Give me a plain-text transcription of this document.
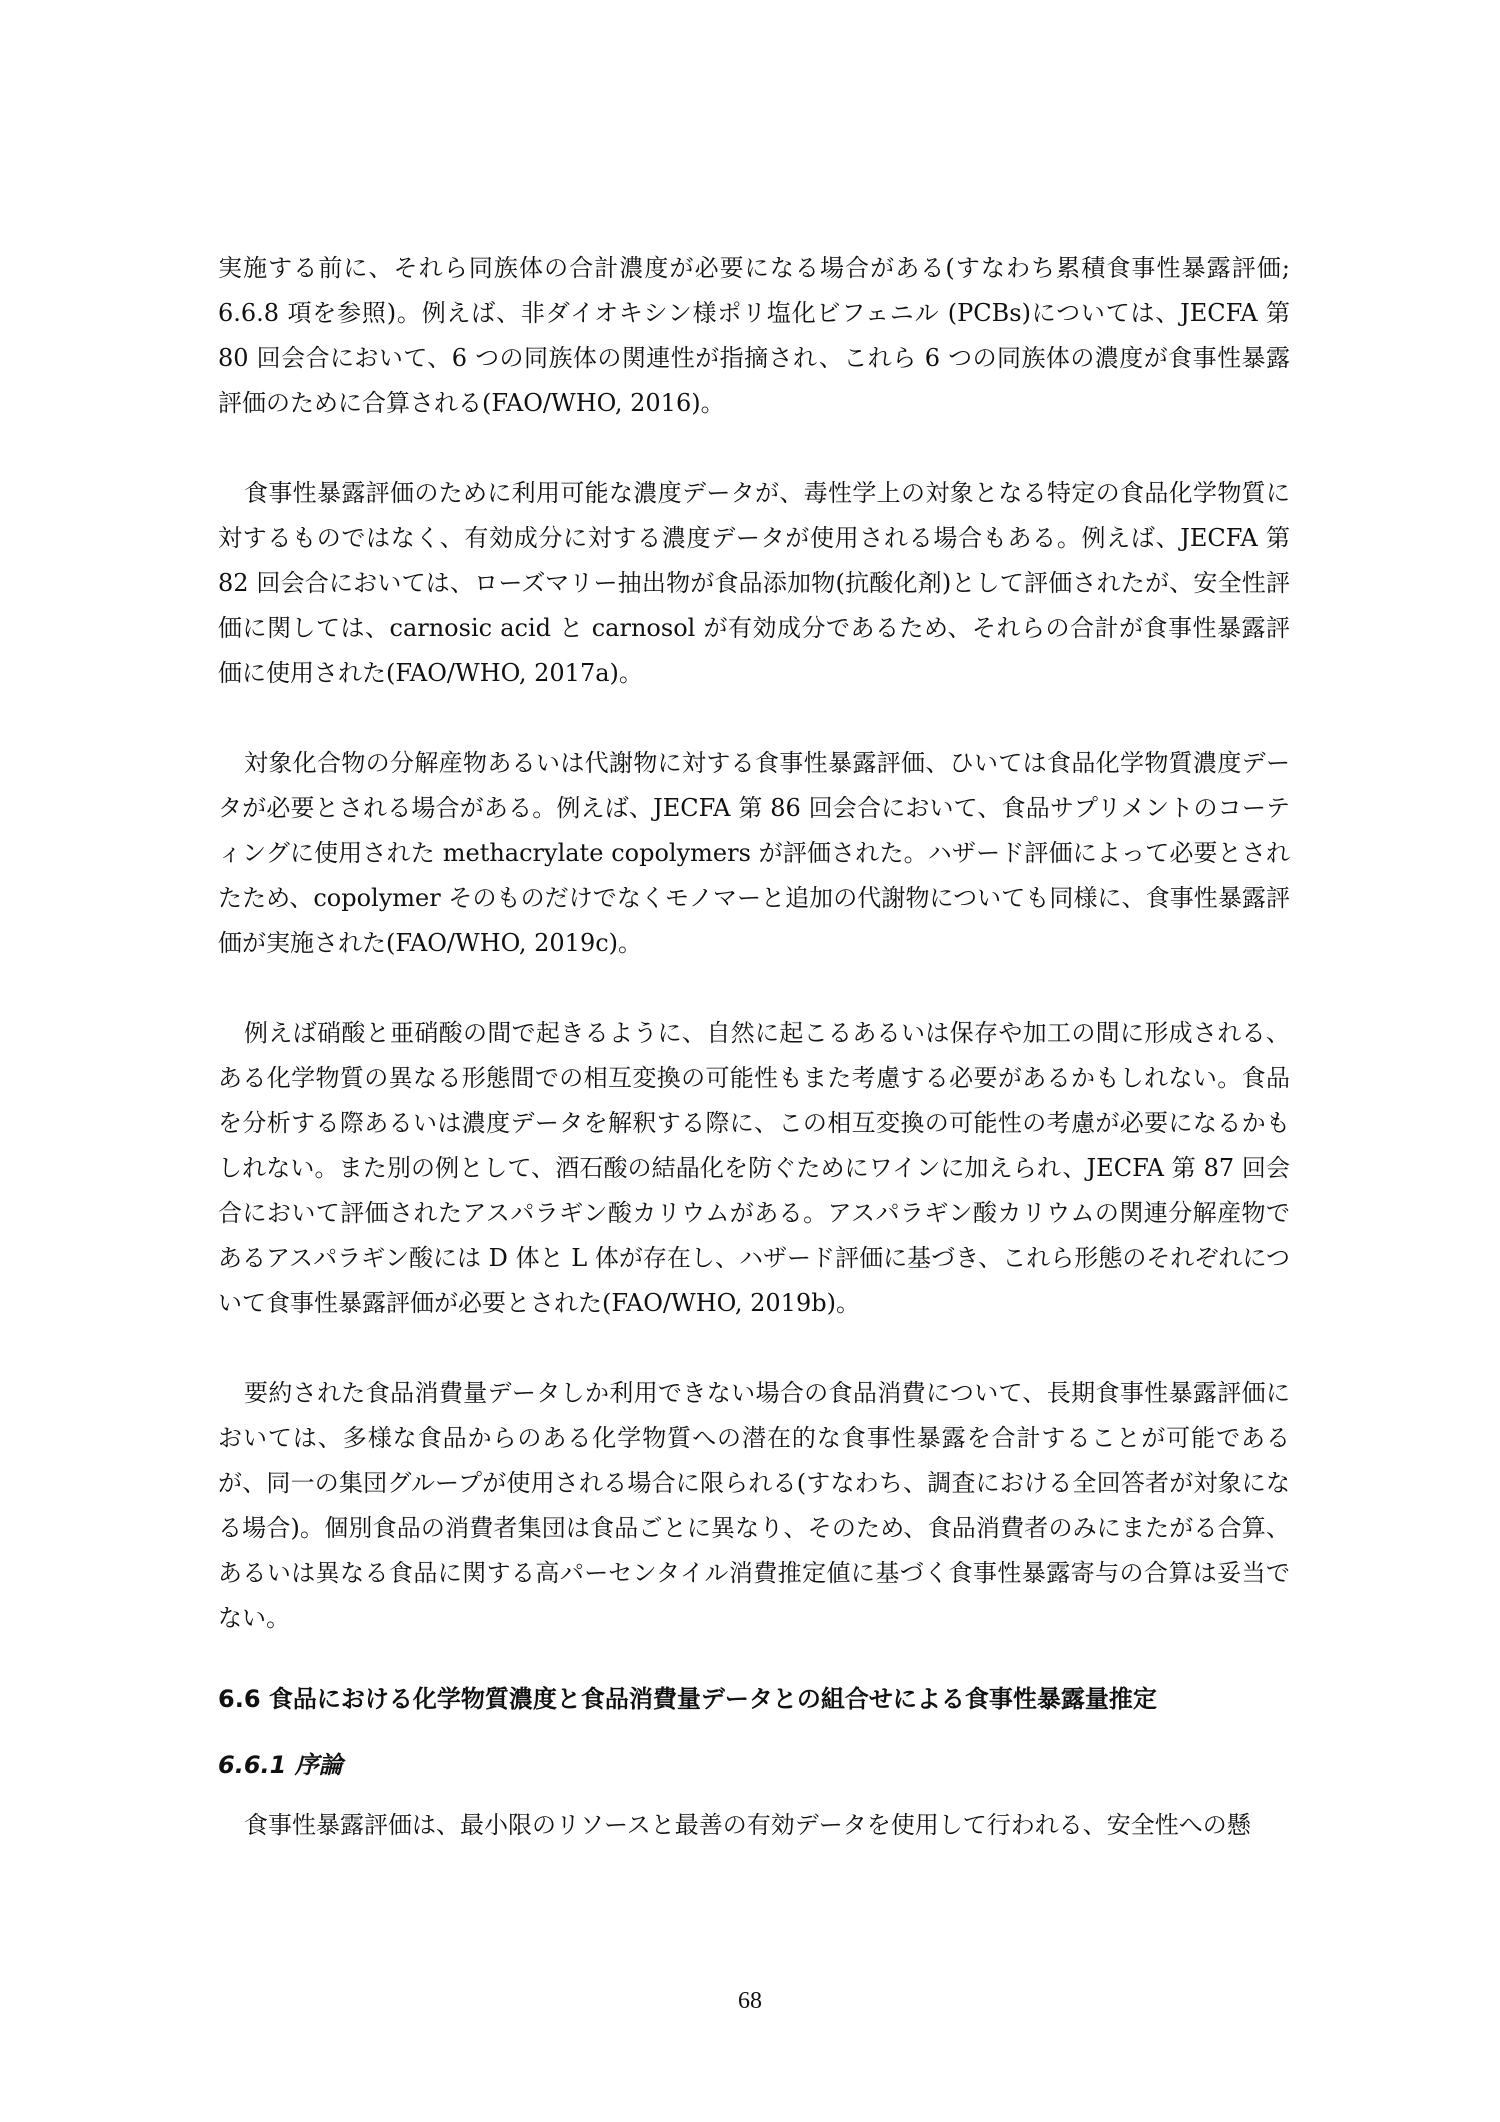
実施する前に、それら同族体の合計濃度が必要になる場合がある(すなわち累積食事性暴露評価; 6.6.8 項を参照)。例えば、非ダイオキシン様ポリ塩化ビフェニル (PCBs)については、JECFA 第 80 回会合において、6 つの同族体の関連性が指摘され、これら 6 つの同族体の濃度が食事性暴露評価のために合算される(FAO/WHO, 2016)。

食事性暴露評価のために利用可能な濃度データが、毒性学上の対象となる特定の食品化学物質に対するものではなく、有効成分に対する濃度データが使用される場合もある。例えば、JECFA 第 82 回会合においては、ローズマリー抽出物が食品添加物(抗酸化剤)として評価されたが、安全性評価に関しては、carnosic acid と carnosol が有効成分であるため、それらの合計が食事性暴露評価に使用された(FAO/WHO, 2017a)。

対象化合物の分解産物あるいは代謝物に対する食事性暴露評価、ひいては食品化学物質濃度データが必要とされる場合がある。例えば、JECFA 第 86 回会合において、食品サプリメントのコーティングに使用された methacrylate copolymers が評価された。ハザード評価によって必要とされたため、copolymer そのものだけでなくモノマーと追加の代謝物についても同様に、食事性暴露評価が実施された(FAO/WHO, 2019c)。

例えば硝酸と亜硝酸の間で起きるように、自然に起こるあるいは保存や加工の間に形成される、ある化学物質の異なる形態間での相互変換の可能性もまた考慮する必要があるかもしれない。食品を分析する際あるいは濃度データを解釈する際に、この相互変換の可能性の考慮が必要になるかもしれない。また別の例として、酒石酸の結晶化を防ぐためにワインに加えられ、JECFA 第 87 回会合において評価されたアスパラギン酸カリウムがある。アスパラギン酸カリウムの関連分解産物であるアスパラギン酸には D 体と L 体が存在し、ハザード評価に基づき、これら形態のそれぞれについて食事性暴露評価が必要とされた(FAO/WHO, 2019b)。

要約された食品消費量データしか利用できない場合の食品消費について、長期食事性暴露評価においては、多様な食品からのある化学物質への潜在的な食事性暴露を合計することが可能であるが、同一の集団グループが使用される場合に限られる(すなわち、調査における全回答者が対象になる場合)。個別食品の消費者集団は食品ごとに異なり、そのため、食品消費者のみにまたがる合算、あるいは異なる食品に関する高パーセンタイル消費推定値に基づく食事性暴露寄与の合算は妥当でない。

6.6 食品における化学物質濃度と食品消費量データとの組合せによる食事性暴露量推定
6.6.1 序論

食事性暴露評価は、最小限のリソースと最善の有効データを使用して行われる、安全性への懸

68
